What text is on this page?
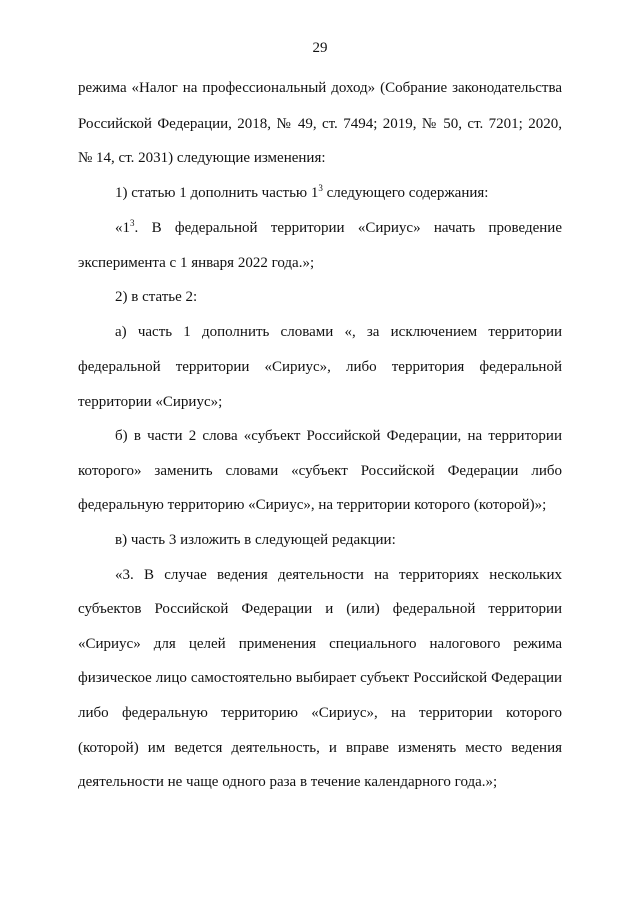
29
режима «Налог на профессиональный доход» (Собрание законодательства
Российской Федерации, 2018, № 49, ст. 7494; 2019, № 50, ст. 7201; 2020,
№ 14, ст. 2031) следующие изменения:
1) статью 1 дополнить частью $1^3$ следующего содержания:
«$1^3$. В федеральной территории «Сириус» начать проведение
эксперимента с 1 января 2022 года.»;
2) в статье 2:
а) часть 1 дополнить словами «, за исключением территории
федеральной территории «Сириус», либо территория федеральной
территории «Сириус»;
б) в части 2 слова «субъект Российской Федерации, на территории
которого» заменить словами «субъект Российской Федерации либо
федеральную территорию «Сириус», на территории которого (которой)»;
в) часть 3 изложить в следующей редакции:
«3. В случае ведения деятельности на территориях нескольких
субъектов Российской Федерации и (или) федеральной территории
«Сириус» для целей применения специального налогового режима
физическое лицо самостоятельно выбирает субъект Российской Федерации
либо федеральную территорию «Сириус», на территории которого
(которой) им ведется деятельность, и вправе изменять место ведения
деятельности не чаще одного раза в течение календарного года.»;
